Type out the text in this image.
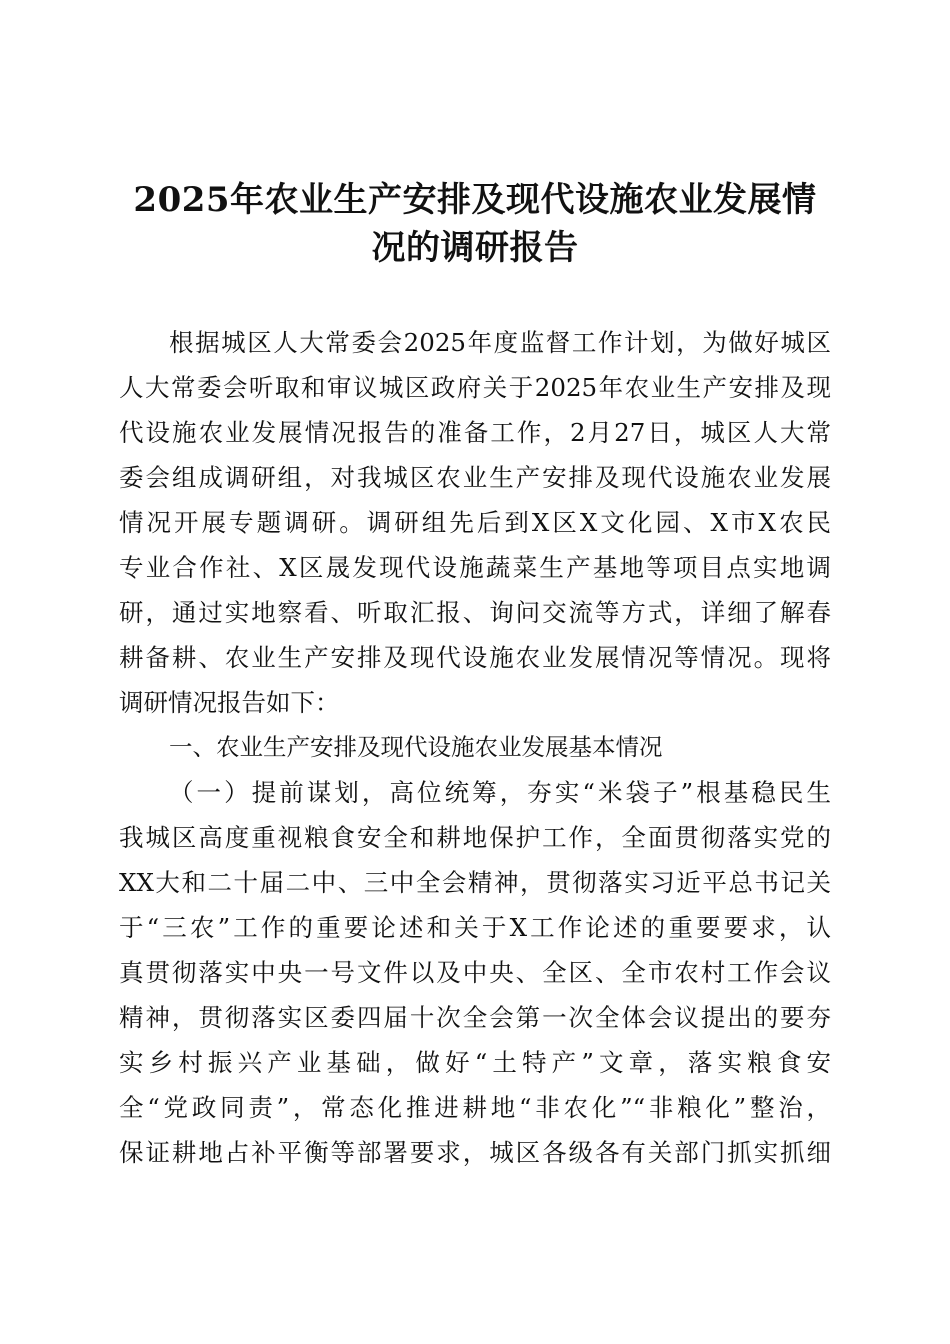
2025年农业生产安排及现代设施农业发展情
况的调研报告
根据城区人大常委会2025年度监督工作计划，为做好城区
人大常委会听取和审议城区政府关于2025年农业生产安排及现
代设施农业发展情况报告的准备工作，2月27日，城区人大常
委会组成调研组，对我城区农业生产安排及现代设施农业发展
情况开展专题调研。调研组先后到X区X文化园、X市X农民
专业合作社、X区晟发现代设施蔬菜生产基地等项目点实地调
研，通过实地察看、听取汇报、询问交流等方式，详细了解春
耕备耕、农业生产安排及现代设施农业发展情况等情况。现将
调研情况报告如下：
一、农业生产安排及现代设施农业发展基本情况
（一）提前谋划，高位统筹，夯实“米袋子”根基稳民生
我城区高度重视粮食安全和耕地保护工作，全面贯彻落实党的
XX大和二十届二中、三中全会精神，贯彻落实习近平总书记关
于“三农”工作的重要论述和关于X工作论述的重要要求，认
真贯彻落实中央一号文件以及中央、全区、全市农村工作会议
精神，贯彻落实区委四届十次全会第一次全体会议提出的要夯
实乡村振兴产业基础，做好“土特产”文章，落实粮食安
全“党政同责”，常态化推进耕地“非农化”“非粮化”整治，
保证耕地占补平衡等部署要求，城区各级各有关部门抓实抓细
